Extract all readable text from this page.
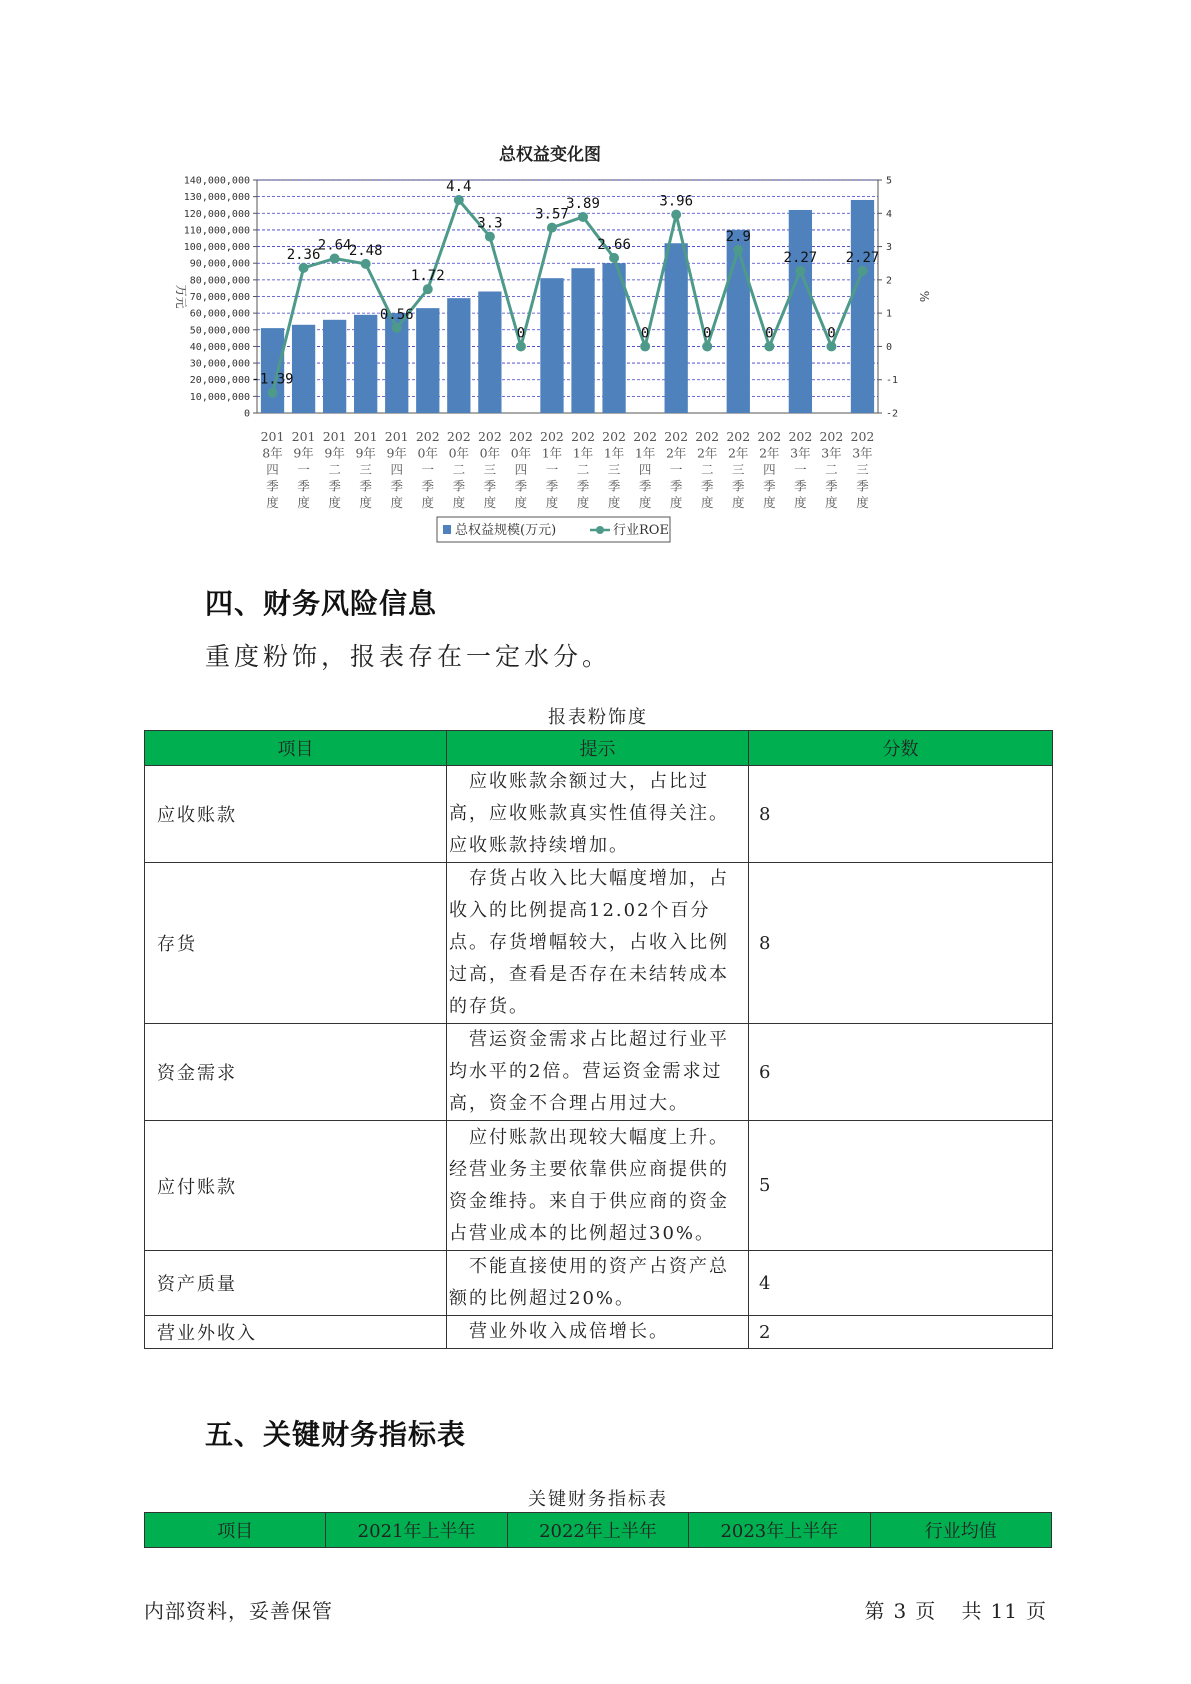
总权益变化图
0
10,000,000
20,000,000
30,000,000
40,000,000
50,000,000
60,000,000
70,000,000
80,000,000
90,000,000
100,000,000
110,000,000
120,000,000
130,000,000
140,000,000
-2
-1
0
1
2
3
4
5
万元	%
-1.39
2.36
2.64
2.48
0.56
1.72
4.4
3.3
0
3.57
3.89
2.66
0
3.96
0
2.9
0
2.27
0
2.27
201
8年
四
季
度
201
9年
一
季
度
201
9年
二
季
度
201
9年
三
季
度
201
9年
四
季
度
202
0年
一
季
度
202
0年
二
季
度
202
0年
三
季
度
202
0年
四
季
度
202
1年
一
季
度
202
1年
二
季
度
202
1年
三
季
度
202
1年
四
季
度
202
2年
一
季
度
202
2年
二
季
度
202
2年
三
季
度
202
2年
四
季
度
202
3年
一
季
度
202
3年
二
季
度
202
3年
三
季
度
总权益规模(万元)	行业ROE
四、财务风险信息
重度粉饰，报表存在一定水分。
报表粉饰度
项目	提示	分数
应收账款	　应收账款余额过大，占比过高，应收账款真实性值得关注。应收账款持续增加。	8
存货	　存货占收入比大幅度增加，占收入的比例提高12.02个百分点。存货增幅较大，占收入比例过高，查看是否存在未结转成本的存货。	8
资金需求	　营运资金需求占比超过行业平均水平的2倍。营运资金需求过高，资金不合理占用过大。	6
应付账款	　应付账款出现较大幅度上升。经营业务主要依靠供应商提供的资金维持。来自于供应商的资金占营业成本的比例超过30%。	5
资产质量	　不能直接使用的资产占资产总额的比例超过20%。	4
营业外收入	　营业外收入成倍增长。	2
五、关键财务指标表
关键财务指标表
项目	2021年上半年	2022年上半年	2023年上半年	行业均值
内部资料，妥善保管	第 3 页 共 11 页
